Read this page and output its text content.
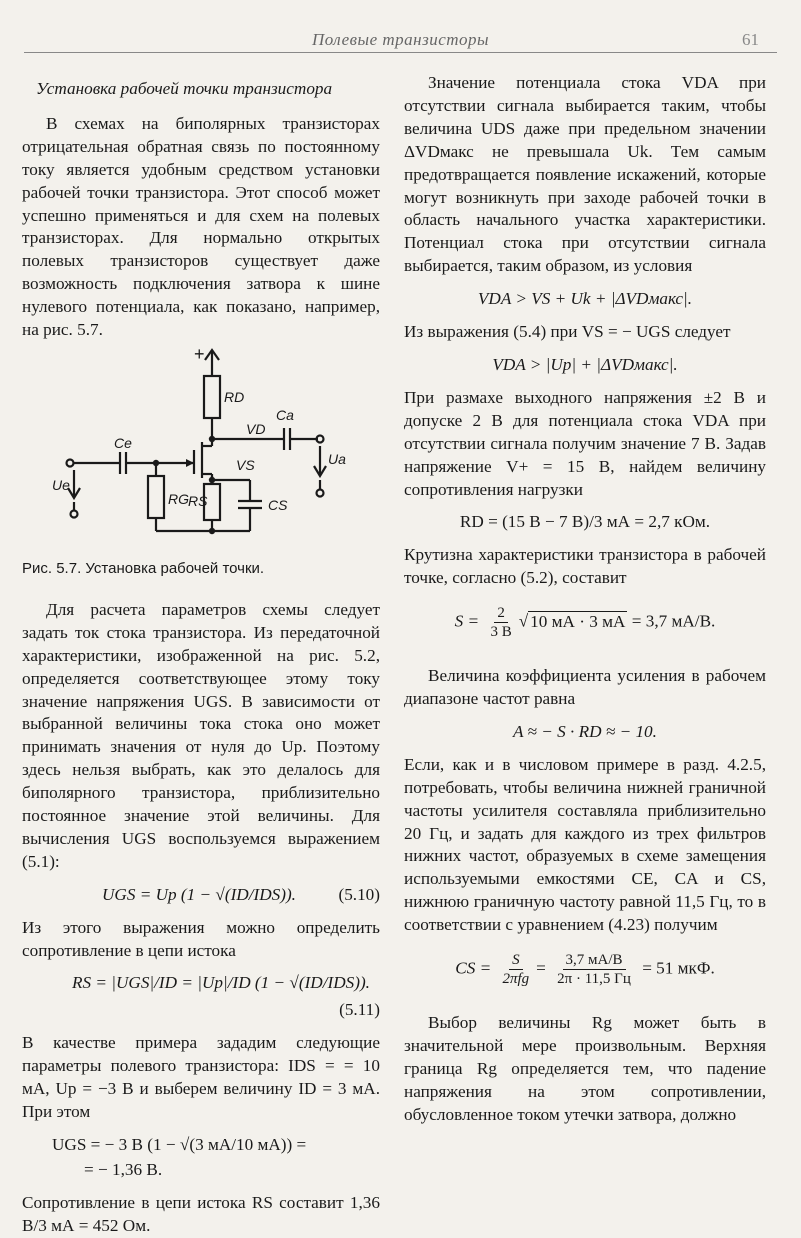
Полевые транзисторы	61
Установка рабочей точки транзистора

В схемах на биполярных транзисторах отрицательная обратная связь по постоянному току является удобным средством установки рабочей точки транзистора. Этот способ может успешно применяться и для схем на полевых транзисторах. Для нормально открытых полевых транзисторов существует даже возможность подключения затвора к шине нулевого потенциала, как показано, например, на рис. 5.7.

+
RD
VD
Ca
Ua
Ce
Ue
RG RS
VS
CS
Рис. 5.7. Установка рабочей точки.

Для расчета параметров схемы следует задать ток стока транзистора. Из передаточной характеристики, изображенной на рис. 5.2, определяется соответствующее этому току значение напряжения UGS. В зависимости от выбранной величины тока стока оно может принимать значения от нуля до Up. Поэтому здесь нельзя выбрать, как это делалось для биполярного транзистора, приблизительно постоянное значение этой величины. Для вычисления UGS воспользуемся выражением (5.1):

UGS = Up (1 − √(ID/IDS)). (5.10)

Из этого выражения можно определить сопротивление в цепи истока

RS = |UGS|/ID = |Up|/ID (1 − √(ID/IDS)).
(5.11)

В качестве примера зададим следующие параметры полевого транзистора: IDS = = 10 мА, Up = −3 В и выберем величину ID = 3 мА. При этом

UGS = − 3 В (1 − √(3 мА/10 мА)) =
= − 1,36 В.

Сопротивление в цепи истока RS составит 1,36 В/3 мА = 452 Ом.

Значение потенциала стока VDA при отсутствии сигнала выбирается таким, чтобы величина UDS даже при предельном значении ΔVDмакс не превышала Uk. Тем самым предотвращается появление искажений, которые могут возникнуть при заходе рабочей точки в область начального участка характеристики. Потенциал стока при отсутствии сигнала выбирается, таким образом, из условия

VDA > VS + Uk + |ΔVDмакс|.

Из выражения (5.4) при VS = − UGS следует

VDA > |Up| + |ΔVDмакс|.

При размахе выходного напряжения ±2 В и допуске 2 В для потенциала стока VDA при отсутствии сигнала получим значение 7 В. Задав напряжение V+ = 15 В, найдем величину сопротивления нагрузки

RD = (15 В − 7 В)/3 мА = 2,7 кОм.

Крутизна характеристики транзистора в рабочей точке, согласно (5.2), составит

$S = \frac{2}{3 В}$ √ 10 мА · 3 мА = 3,7 мА/В.

Величина коэффициента усиления в рабочем диапазоне частот равна

A ≈ − S · RD ≈ − 10.

Если, как и в числовом примере в разд. 4.2.5, потребовать, чтобы величина нижней граничной частоты усилителя составляла приблизительно 20 Гц, и задать для каждого из трех фильтров нижних частот, образуемых в схеме замещения используемыми емкостями CE, CA и CS, нижнюю граничную частоту равной 11,5 Гц, то в соответствии с уравнением (4.23) получим

CS = $\frac{S}{\text{2πfg}} = \frac{3,7 мА/В}{2\pi \cdot 11,5 Гц} = 51$ мкФ.

Выбор величины Rg может быть в значительной мере произвольным. Верхняя граница Rg определяется тем, что падение напряжения на этом сопротивлении, обусловленное током утечки затвора, должно
